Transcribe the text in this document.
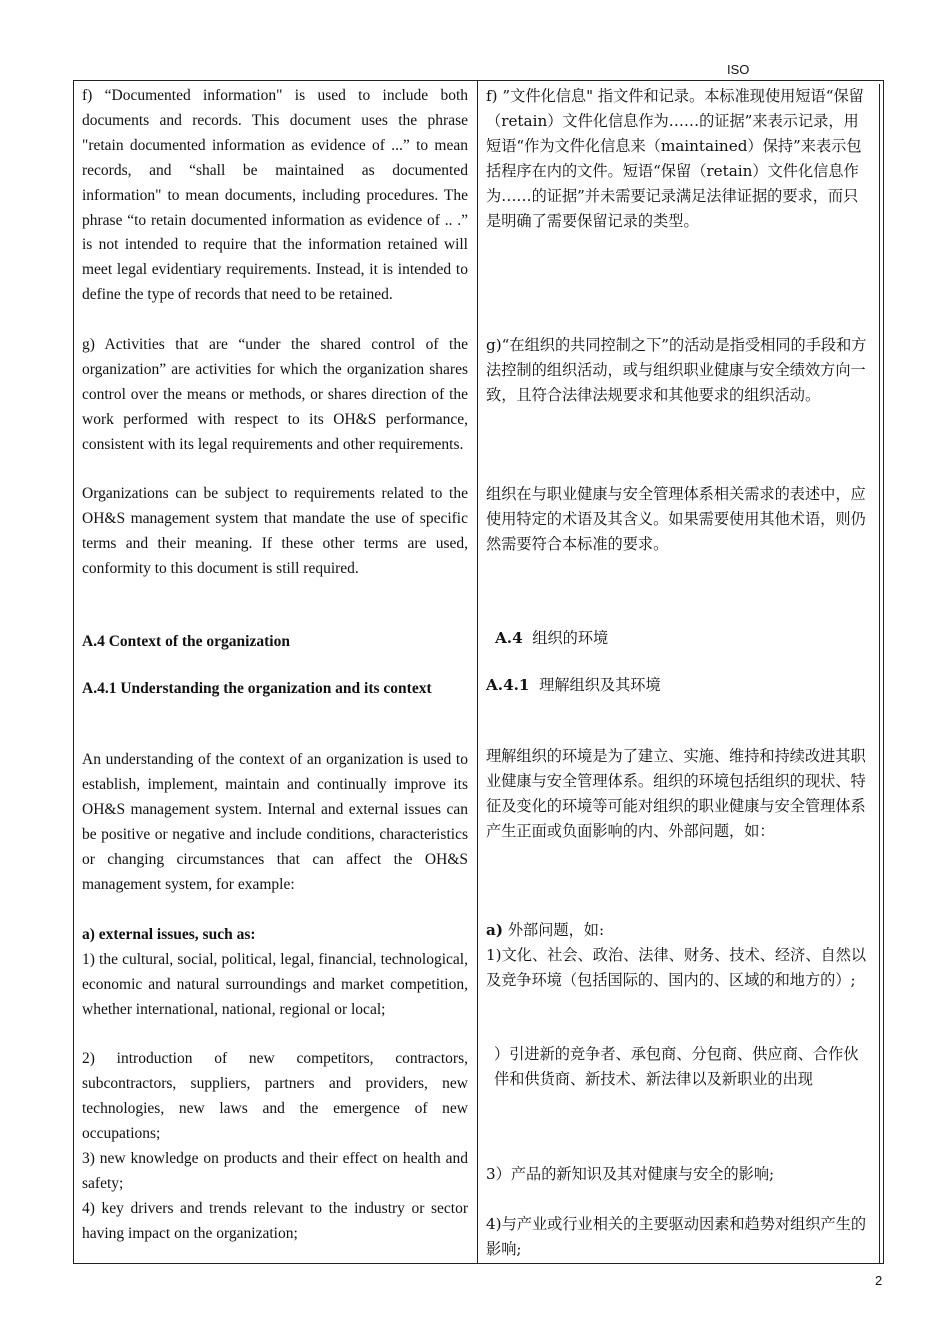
ISO
f) “Documented information" is used to include both documents and records. This document uses the phrase "retain documented information as evidence of ...” to mean records, and “shall be maintained as documented information" to mean documents, including procedures. The phrase “to retain documented information as evidence of .. .” is not intended to require that the information retained will meet legal evidentiary requirements. Instead, it is intended to define the type of records that need to be retained.
g) Activities that are “under the shared control of the organization” are activities for which the organization shares control over the means or methods, or shares direction of the work performed with respect to its OH&S performance, consistent with its legal requirements and other requirements.
Organizations can be subject to requirements related to the OH&S management system that mandate the use of specific terms and their meaning. If these other terms are used, conformity to this document is still required.
A.4 Context of the organization
A.4.1 Understanding the organization and its context
An understanding of the context of an organization is used to establish, implement, maintain and continually improve its OH&S management system. Internal and external issues can be positive or negative and include conditions, characteristics or changing circumstances that can affect the OH&S management system, for example:
a) external issues, such as:
1) the cultural, social, political, legal, financial, technological, economic and natural surroundings and market competition, whether international, national, regional or local;
2) introduction of new competitors, contractors, subcontractors, suppliers, partners and providers, new technologies, new laws and the emergence of new occupations;
3) new knowledge on products and their effect on health and safety;
4) key drivers and trends relevant to the industry or sector having impact on the organization;
f) ”文件化信息" 指文件和记录。本标准现使用短语“保留（retain）文件化信息作为……的证据”来表示记录，用短语“作为文件化信息来（maintained）保持”来表示包括程序在内的文件。短语“保留（retain）文件化信息作为……的证据”并未需要记录满足法律证据的要求，而只是明确了需要保留记录的类型。
g)“在组织的共同控制之下”的活动是指受相同的手段和方法控制的组织活动，或与组织职业健康与安全绩效方向一致，且符合法律法规要求和其他要求的组织活动。
组织在与职业健康与安全管理体系相关需求的表述中，应使用特定的术语及其含义。如果需要使用其他术语，则仍然需要符合本标准的要求。
A.4 组织的环境
A.4.1 理解组织及其环境
理解组织的环境是为了建立、实施、维持和持续改进其职业健康与安全管理体系。组织的环境包括组织的现状、特征及变化的环境等可能对组织的职业健康与安全管理体系产生正面或负面影响的内、外部问题，如：
a) 外部问题，如:
1)文化、社会、政治、法律、财务、技术、经济、自然以及竞争环境（包括国际的、国内的、区域的和地方的）;
）引进新的竞争者、承包商、分包商、供应商、合作伙伴和供货商、新技术、新法律以及新职业的出现
3）产品的新知识及其对健康与安全的影响;
4)与产业或行业相关的主要驱动因素和趋势对组织产生的影响;
2
